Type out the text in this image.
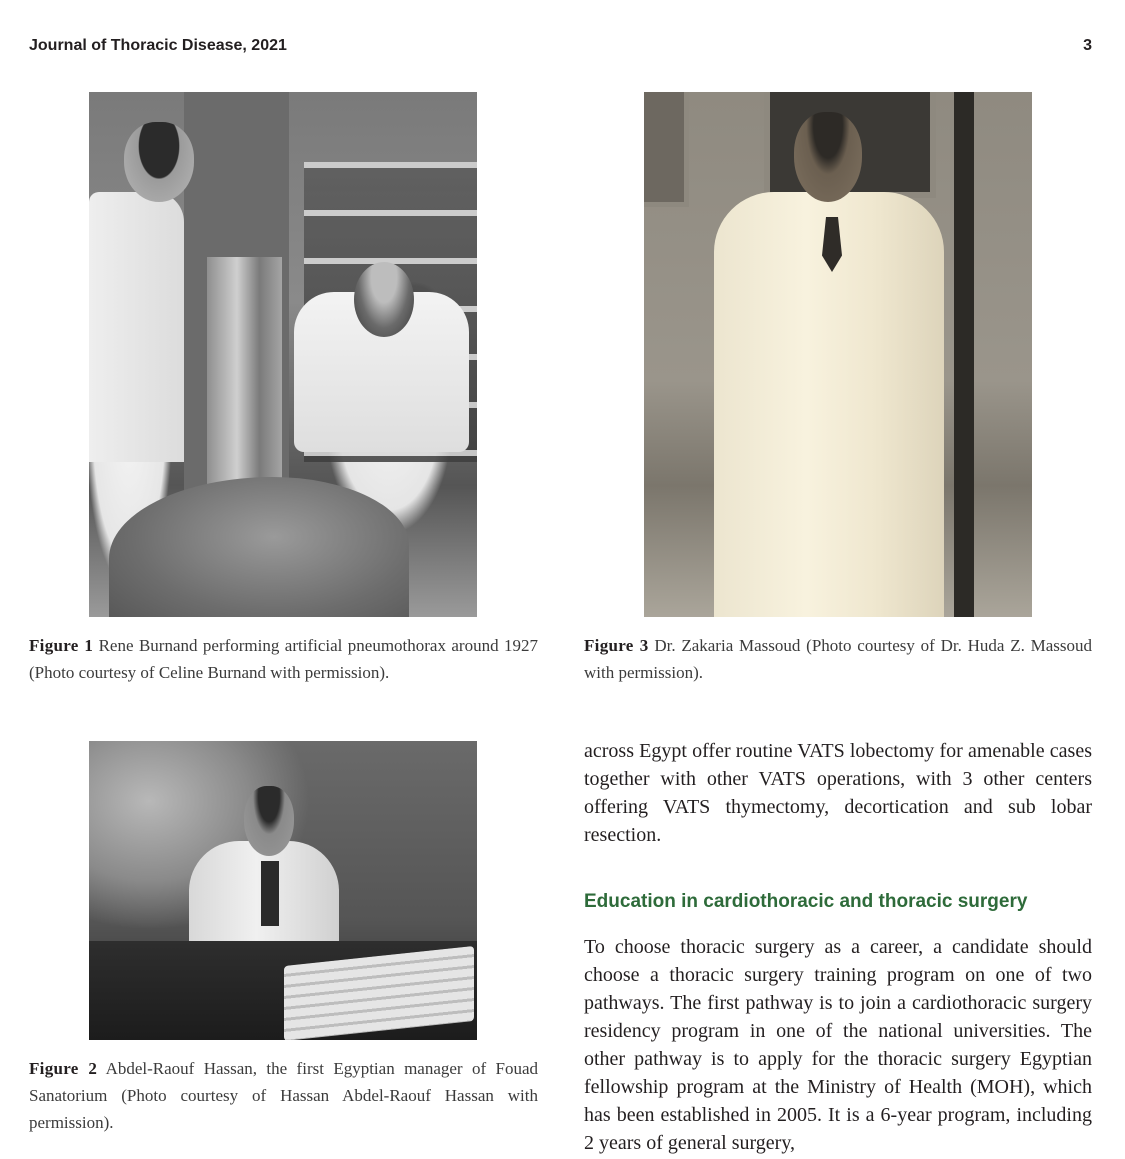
Journal of Thoracic Disease, 2021	3
Figure 1 Rene Burnand performing artificial pneumothorax around 1927 (Photo courtesy of Celine Burnand with permission).
Figure 3 Dr. Zakaria Massoud (Photo courtesy of Dr. Huda Z. Massoud with permission).
Figure 2 Abdel-Raouf Hassan, the first Egyptian manager of Fouad Sanatorium (Photo courtesy of Hassan Abdel-Raouf Hassan with permission).

across Egypt offer routine VATS lobectomy for amenable cases together with other VATS operations, with 3 other centers offering VATS thymectomy, decortication and sub lobar resection.

Education in cardiothoracic and thoracic surgery

To choose thoracic surgery as a career, a candidate should choose a thoracic surgery training program on one of two pathways. The first pathway is to join a cardiothoracic surgery residency program in one of the national universities. The other pathway is to apply for the thoracic surgery Egyptian fellowship program at the Ministry of Health (MOH), which has been established in 2005. It is a 6-year program, including 2 years of general surgery,
